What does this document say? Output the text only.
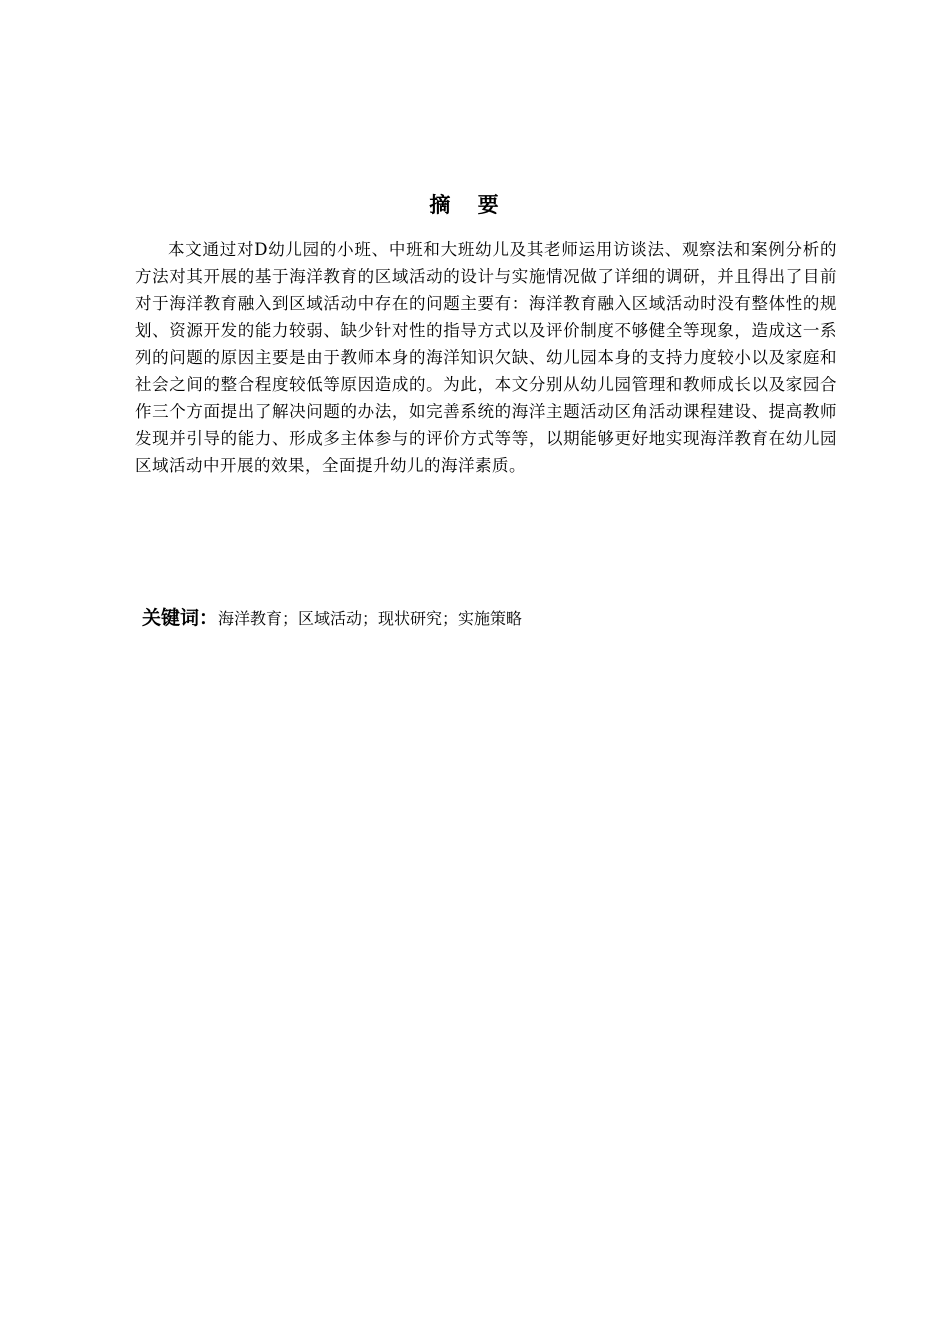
摘 要

本文通过对D幼儿园的小班、中班和大班幼儿及其老师运用访谈法、观察法和案例分析的方法对其开展的基于海洋教育的区域活动的设计与实施情况做了详细的调研，并且得出了目前对于海洋教育融入到区域活动中存在的问题主要有：海洋教育融入区域活动时没有整体性的规划、资源开发的能力较弱、缺少针对性的指导方式以及评价制度不够健全等现象，造成这一系列的问题的原因主要是由于教师本身的海洋知识欠缺、幼儿园本身的支持力度较小以及家庭和社会之间的整合程度较低等原因造成的。为此，本文分别从幼儿园管理和教师成长以及家园合作三个方面提出了解决问题的办法，如完善系统的海洋主题活动区角活动课程建设、提高教师发现并引导的能力、形成多主体参与的评价方式等等，以期能够更好地实现海洋教育在幼儿园区域活动中开展的效果，全面提升幼儿的海洋素质。

关键词：海洋教育；区域活动；现状研究；实施策略
